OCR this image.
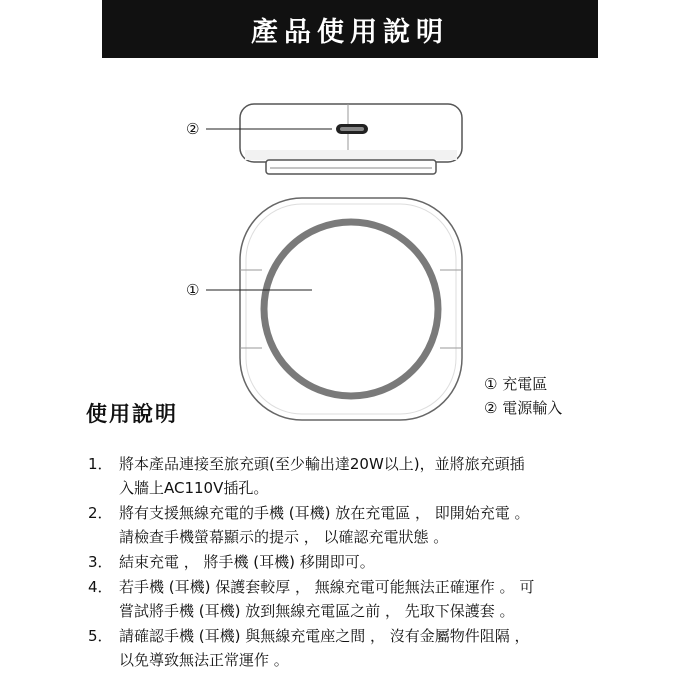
產品使用說明
②
①
① 充電區
② 電源輸入
使用說明
1． 將本產品連接至旅充頭(至少輸出達20W以上)，並將旅充頭插
入牆上AC110V插孔。
2． 將有支援無線充電的手機 (耳機) 放在充電區 ， 即開始充電 。
請檢查手機螢幕顯示的提示 ， 以確認充電狀態 。
3． 結束充電 ， 將手機 (耳機) 移開即可。
4． 若手機 (耳機) 保護套較厚 ， 無線充電可能無法正確運作 。 可
嘗試將手機 (耳機) 放到無線充電區之前 ， 先取下保護套 。
5． 請確認手機 (耳機) 與無線充電座之間 ， 沒有金屬物件阻隔 ，
以免導致無法正常運作 。
